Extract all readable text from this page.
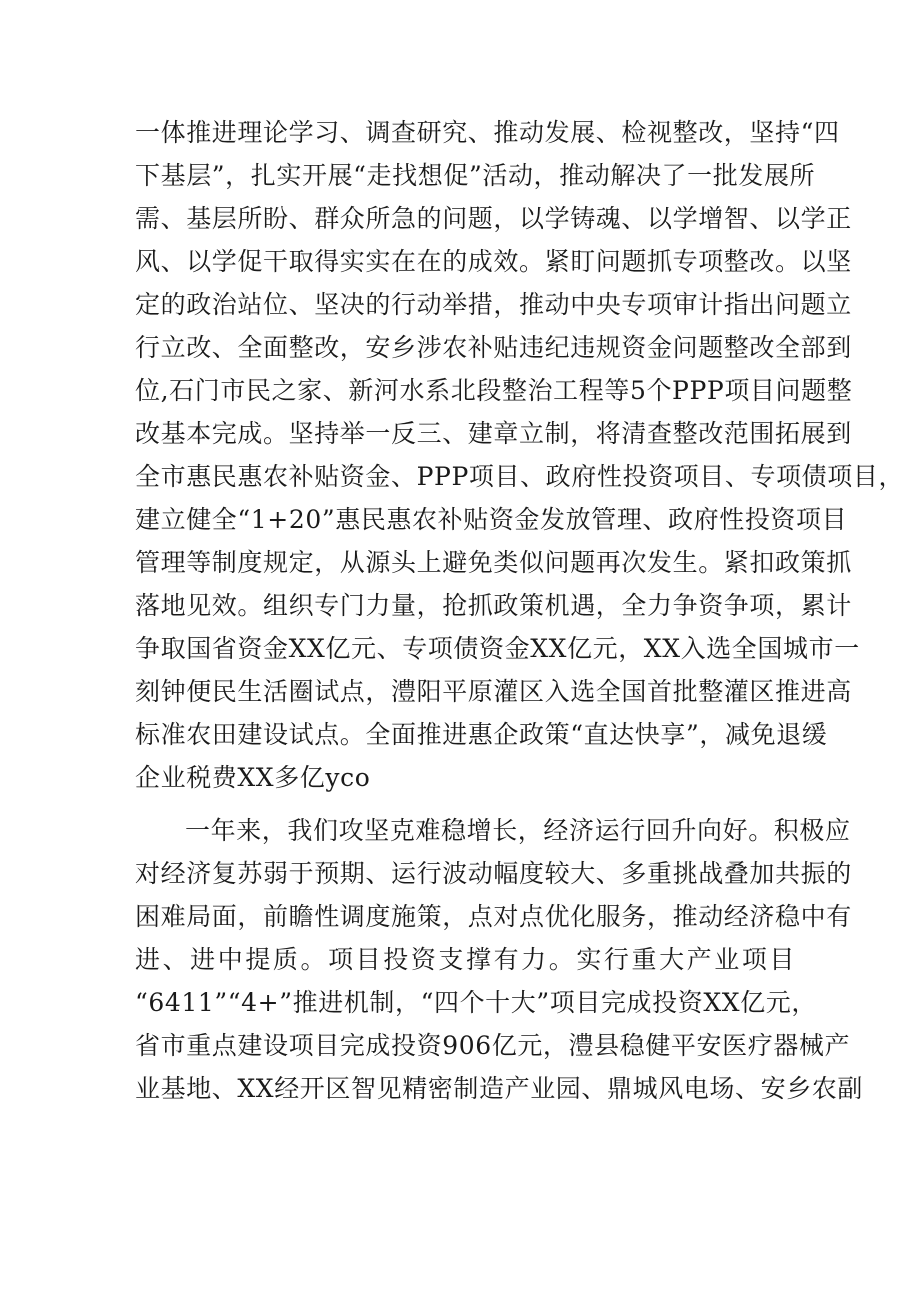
一体推进理论学习、调查研究、推动发展、检视整改，坚持“四

下基层”，扎实开展“走找想促”活动，推动解决了一批发展所

需、基层所盼、群众所急的问题，以学铸魂、以学增智、以学正

风、以学促干取得实实在在的成效。紧盯问题抓专项整改。以坚

定的政治站位、坚决的行动举措，推动中央专项审计指出问题立

行立改、全面整改，安乡涉农补贴违纪违规资金问题整改全部到

位,石门市民之家、新河水系北段整治工程等5个PPP项目问题整

改基本完成。坚持举一反三、建章立制，将清查整改范围拓展到

全市惠民惠农补贴资金、PPP项目、政府性投资项目、专项债项目，

建立健全“1+20”惠民惠农补贴资金发放管理、政府性投资项目

管理等制度规定，从源头上避免类似问题再次发生。紧扣政策抓

落地见效。组织专门力量，抢抓政策机遇，全力争资争项，累计

争取国省资金XX亿元、专项债资金XX亿元，XX入选全国城市一

刻钟便民生活圈试点，澧阳平原灌区入选全国首批整灌区推进高

标准农田建设试点。全面推进惠企政策“直达快享”，减免退缓

企业税费XX多亿yco

一年来，我们攻坚克难稳增长，经济运行回升向好。积极应

对经济复苏弱于预期、运行波动幅度较大、多重挑战叠加共振的

困难局面，前瞻性调度施策，点对点优化服务，推动经济稳中有

进、进中提质。项目投资支撑有力。实行重大产业项目

“6411”“4+”推进机制，“四个十大”项目完成投资XX亿元，

省市重点建设项目完成投资906亿元，澧县稳健平安医疗器械产

业基地、XX经开区智见精密制造产业园、鼎城风电场、安乡农副
